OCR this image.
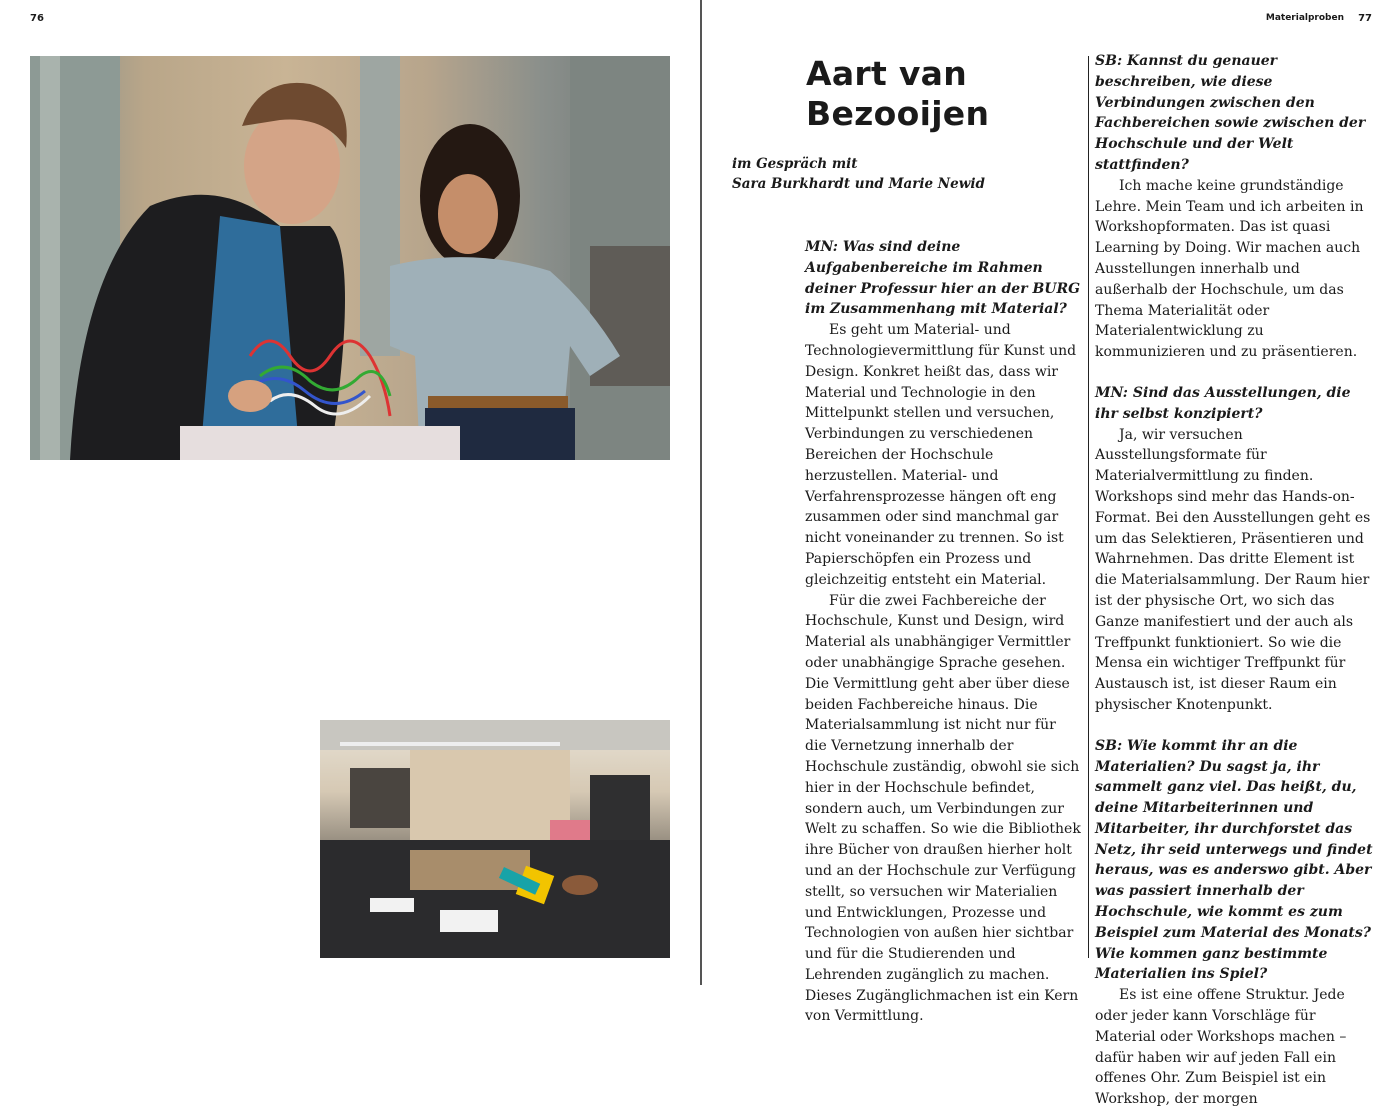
76	Materialproben 77
Aart van
Bezooijen
im Gespräch mit
Sara Burkhardt und Marie Newid

MN: Was sind deine Aufgabenbereiche im Rahmen deiner Professur hier an der BURG im Zusammenhang mit Material?

Es geht um Material- und Technologievermittlung für Kunst und Design. Konkret heißt das, dass wir Material und Technologie in den Mittelpunkt stellen und versuchen, Verbindungen zu verschiedenen Bereichen der Hochschule herzustellen. Material- und Verfahrensprozesse hängen oft eng zusammen oder sind manchmal gar nicht voneinander zu trennen. So ist Papierschöpfen ein Prozess und gleichzeitig entsteht ein Material.

Für die zwei Fachbereiche der Hochschule, Kunst und Design, wird Material als unabhängiger Vermittler oder unabhängige Sprache gesehen. Die Vermittlung geht aber über diese beiden Fachbereiche hinaus. Die Materialsammlung ist nicht nur für die Vernetzung innerhalb der Hochschule zuständig, obwohl sie sich hier in der Hochschule befindet, sondern auch, um Verbindungen zur Welt zu schaffen. So wie die Bibliothek ihre Bücher von draußen hierher holt und an der Hochschule zur Verfügung stellt, so versuchen wir Materialien und Entwicklungen, Prozesse und Technologien von außen hier sichtbar und für die Studierenden und Lehrenden zugänglich zu machen. Dieses Zugänglichmachen ist ein Kern von Vermittlung.

SB: Kannst du genauer beschreiben, wie diese Verbindungen zwischen den Fachbereichen sowie zwischen der Hochschule und der Welt stattfinden?

Ich mache keine grundständige Lehre. Mein Team und ich arbeiten in Workshopformaten. Das ist quasi Learning by Doing. Wir machen auch Ausstellungen innerhalb und außerhalb der Hochschule, um das Thema Materialität oder Materialentwicklung zu kommunizieren und zu präsentieren.

MN: Sind das Ausstellungen, die ihr selbst konzipiert?

Ja, wir versuchen Ausstellungsformate für Materialvermittlung zu finden. Workshops sind mehr das Hands-on-Format. Bei den Ausstellungen geht es um das Selektieren, Präsentieren und Wahrnehmen. Das dritte Element ist die Materialsammlung. Der Raum hier ist der physische Ort, wo sich das Ganze manifestiert und der auch als Treffpunkt funktioniert. So wie die Mensa ein wichtiger Treffpunkt für Austausch ist, ist dieser Raum ein physischer Knotenpunkt.

SB: Wie kommt ihr an die Materialien? Du sagst ja, ihr sammelt ganz viel. Das heißt, du, deine Mitarbeiterinnen und Mitarbeiter, ihr durchforstet das Netz, ihr seid unterwegs und findet heraus, was es anderswo gibt. Aber was passiert innerhalb der Hochschule, wie kommt es zum Beispiel zum Material des Monats? Wie kommen ganz bestimmte Materialien ins Spiel?

Es ist eine offene Struktur. Jede oder jeder kann Vorschläge für Material oder Workshops machen – dafür haben wir auf jeden Fall ein offenes Ohr. Zum Beispiel ist ein Workshop, der morgen
